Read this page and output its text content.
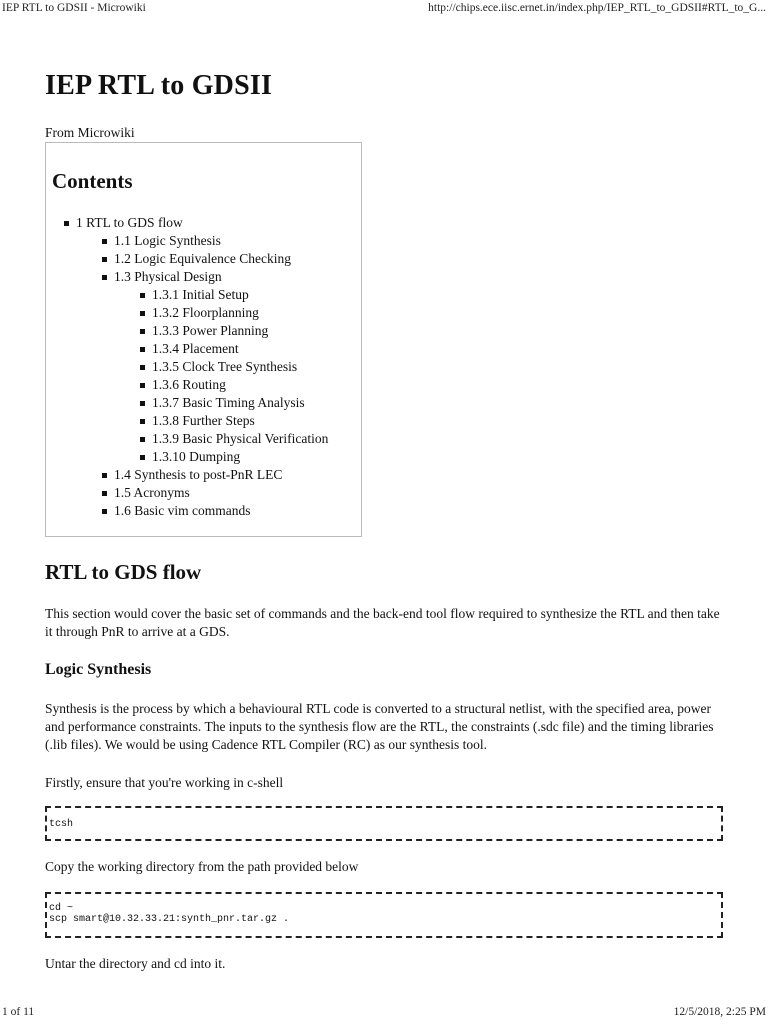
IEP RTL to GDSII - Microwiki	http://chips.ece.iisc.ernet.in/index.php/IEP_RTL_to_GDSII#RTL_to_G...
IEP RTL to GDSII
From Microwiki
Contents
1 RTL to GDS flow
1.1 Logic Synthesis
1.2 Logic Equivalence Checking
1.3 Physical Design
1.3.1 Initial Setup
1.3.2 Floorplanning
1.3.3 Power Planning
1.3.4 Placement
1.3.5 Clock Tree Synthesis
1.3.6 Routing
1.3.7 Basic Timing Analysis
1.3.8 Further Steps
1.3.9 Basic Physical Verification
1.3.10 Dumping
1.4 Synthesis to post-PnR LEC
1.5 Acronyms
1.6 Basic vim commands
RTL to GDS flow

This section would cover the basic set of commands and the back-end tool flow required to synthesize the RTL and then take it through PnR to arrive at a GDS.

Logic Synthesis

Synthesis is the process by which a behavioural RTL code is converted to a structural netlist, with the specified area, power and performance constraints. The inputs to the synthesis flow are the RTL, the constraints (.sdc file) and the timing libraries (.lib files). We would be using Cadence RTL Compiler (RC) as our synthesis tool.

Firstly, ensure that you're working in c-shell

tcsh

Copy the working directory from the path provided below

cd ~
scp smart@10.32.33.21:synth_pnr.tar.gz .

Untar the directory and cd into it.

1 of 11	12/5/2018, 2:25 PM
